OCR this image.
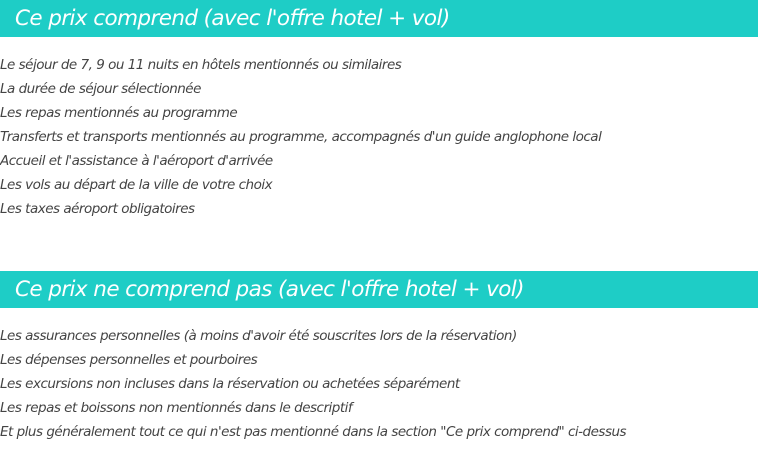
Ce prix comprend (avec l'offre hotel + vol)
Le séjour de 7, 9 ou 11 nuits en hôtels mentionnés ou similaires
La durée de séjour sélectionnée
Les repas mentionnés au programme
Transferts et transports mentionnés au programme, accompagnés d'un guide anglophone local
Accueil et l'assistance à l'aéroport d'arrivée
Les vols au départ de la ville de votre choix
Les taxes aéroport obligatoires
Ce prix ne comprend pas (avec l'offre hotel + vol)
Les assurances personnelles (à moins d'avoir été souscrites lors de la réservation)
Les dépenses personnelles et pourboires
Les excursions non incluses dans la réservation ou achetées séparément
Les repas et boissons non mentionnés dans le descriptif
Et plus généralement tout ce qui n'est pas mentionné dans la section "Ce prix comprend" ci-dessus
